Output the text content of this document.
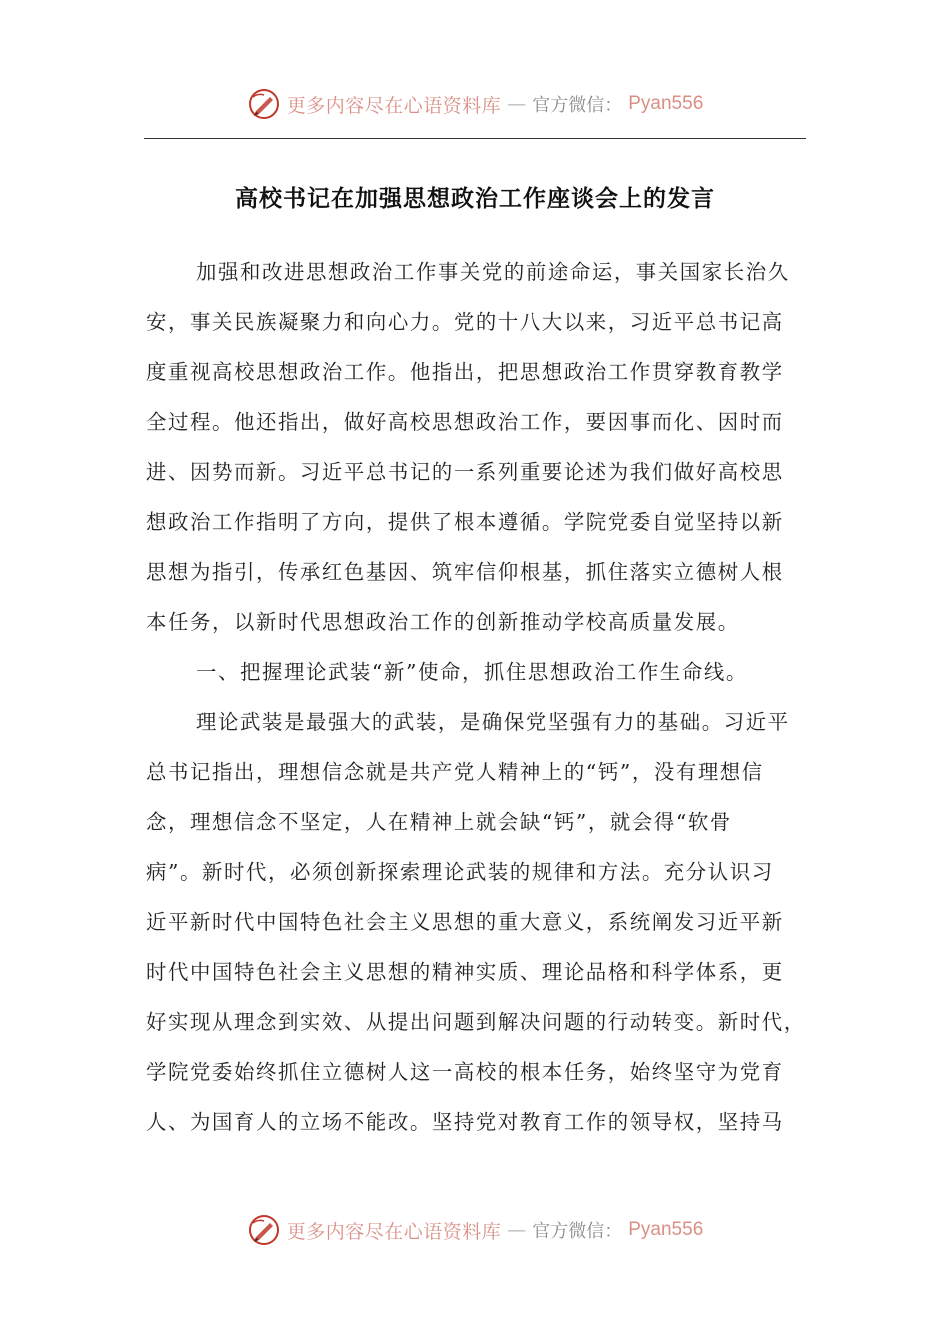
更多内容尽在心语资料库 — 官方微信： Pyan556
高校书记在加强思想政治工作座谈会上的发言
加强和改进思想政治工作事关党的前途命运，事关国家长治久
安，事关民族凝聚力和向心力。党的十八大以来，习近平总书记高
度重视高校思想政治工作。他指出，把思想政治工作贯穿教育教学
全过程。他还指出，做好高校思想政治工作，要因事而化、因时而
进、因势而新。习近平总书记的一系列重要论述为我们做好高校思
想政治工作指明了方向，提供了根本遵循。学院党委自觉坚持以新
思想为指引，传承红色基因、筑牢信仰根基，抓住落实立德树人根
本任务，以新时代思想政治工作的创新推动学校高质量发展。
一、把握理论武装“新”使命，抓住思想政治工作生命线。
理论武装是最强大的武装，是确保党坚强有力的基础。习近平
总书记指出，理想信念就是共产党人精神上的“钙”，没有理想信
念，理想信念不坚定，人在精神上就会缺“钙”，就会得“软骨
病”。新时代，必须创新探索理论武装的规律和方法。充分认识习
近平新时代中国特色社会主义思想的重大意义，系统阐发习近平新
时代中国特色社会主义思想的精神实质、理论品格和科学体系，更
好实现从理念到实效、从提出问题到解决问题的行动转变。新时代，
学院党委始终抓住立德树人这一高校的根本任务，始终坚守为党育
人、为国育人的立场不能改。坚持党对教育工作的领导权，坚持马
更多内容尽在心语资料库 — 官方微信： Pyan556
